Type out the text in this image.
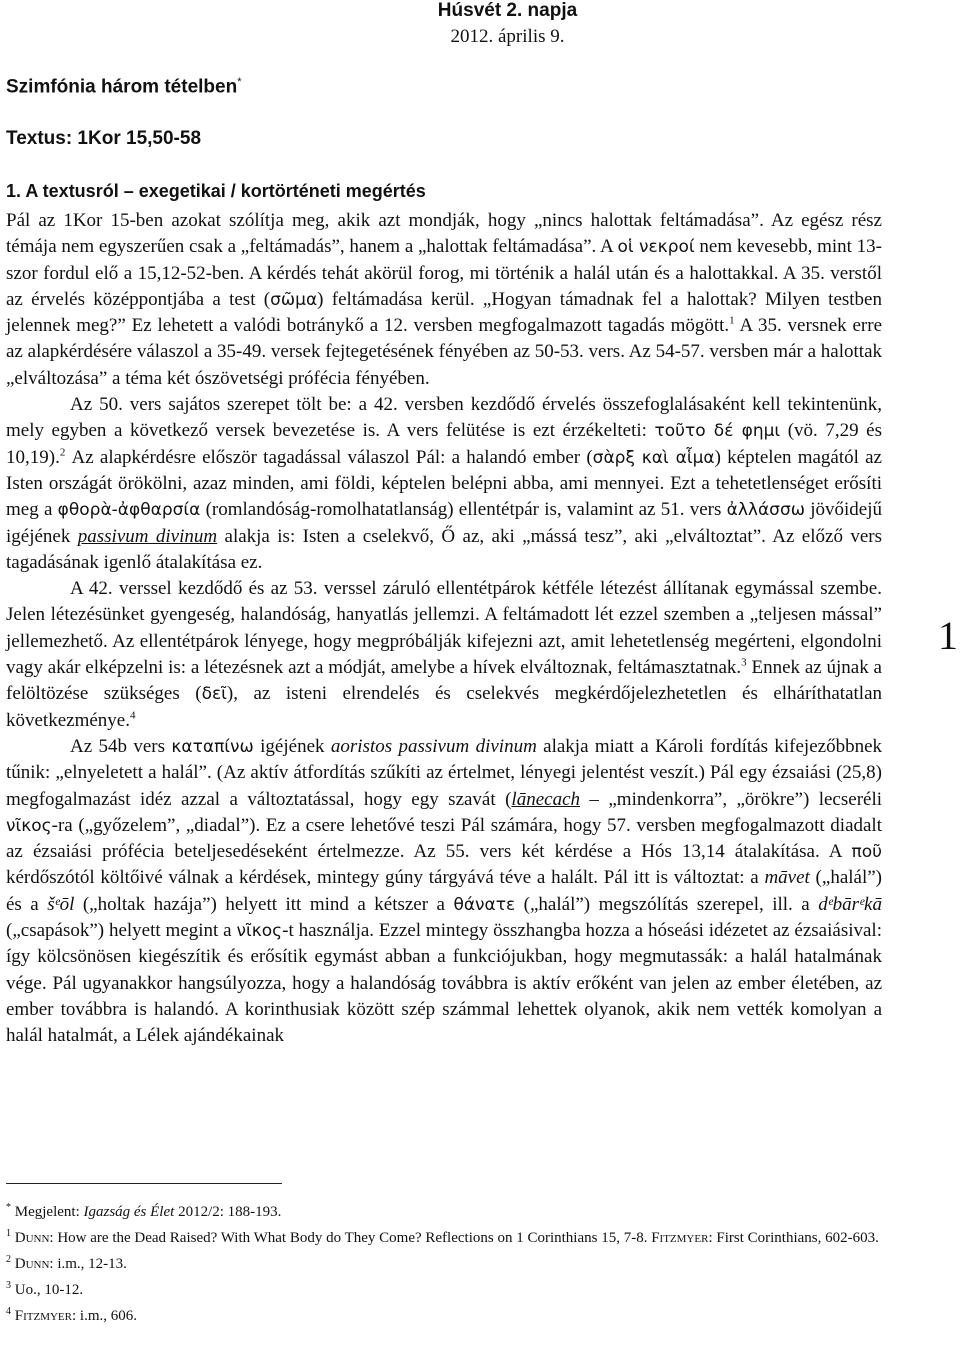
Húsvét 2. napja
2012. április 9.
Szimfónia három tételben*
Textus: 1Kor 15,50-58
1. A textusról – exegetikai / kortörténeti megértés

Pál az 1Kor 15-ben azokat szólítja meg, akik azt mondják, hogy „nincs halottak feltámadása”. Az egész rész témája nem egyszerűen csak a „feltámadás”, hanem a „halottak feltámadása”. A οἱ νεκροί nem kevesebb, mint 13-szor fordul elő a 15,12-52-ben. A kérdés tehát akörül forog, mi történik a halál után és a halottakkal. A 35. verstől az érvelés középpontjába a test (σῶμα) feltámadása kerül. „Hogyan támadnak fel a halottak? Milyen testben jelennek meg?” Ez lehetett a valódi botránykő a 12. versben megfogalmazott tagadás mögött.$^1$ A 35. versnek erre az alapkérdésére válaszol a 35-49. versek fejtegetésének fényében az 50-53. vers. Az 54-57. versben már a halottak „elváltozása” a téma két ószövetségi prófécia fényében.

Az 50. vers sajátos szerepet tölt be: a 42. versben kezdődő érvelés összefoglalásaként kell tekintenünk, mely egyben a következő versek bevezetése is. A vers felütése is ezt érzékelteti: τοῦτο δέ φημι (vö. 7,29 és 10,19).$^2$ Az alapkérdésre először tagadással válaszol Pál: a halandó ember (σὰρξ καὶ αἷμα) képtelen magától az Isten országát örökölni, azaz minden, ami földi, képtelen belépni abba, ami mennyei. Ezt a tehetetlenséget erősíti meg a φθορὰ-ἀφθαρσία (romlandóság-romolhatatlanság) ellentétpár is, valamint az 51. vers ἀλλάσσω jövőidejű igéjének passivum divinum alakja is: Isten a cselekvő, Ő az, aki „mássá tesz”, aki „elváltoztat”. Az előző vers tagadásának igenlő átalakítása ez.

A 42. verssel kezdődő és az 53. verssel záruló ellentétpárok kétféle létezést állítanak egymással szembe. Jelen létezésünket gyengeség, halandóság, hanyatlás jellemzi. A feltámadott lét ezzel szemben a „teljesen mással” jellemezhető. Az ellentétpárok lényege, hogy megpróbálják kifejezni azt, amit lehetetlenség megérteni, elgondolni vagy akár elképzelni is: a létezésnek azt a módját, amelybe a hívek elváltoznak, feltámasztatnak.$^3$ Ennek az újnak a felöltözése szükséges (δεῖ), az isteni elrendelés és cselekvés megkérdőjelezhetetlen és elháríthatatlan következménye.$^4$

Az 54b vers καταπίνω igéjének aoristos passivum divinum alakja miatt a Károli fordítás kifejezőbbnek tűnik: „elnyeletett a halál”. (Az aktív átfordítás szűkíti az értelmet, lényegi jelentést veszít.) Pál egy ézsaiási (25,8) megfogalmazást idéz azzal a változtatással, hogy egy szavát (lānecach – „mindenkorra”, „örökre”) lecseréli νῖκος-ra („győzelem”, „diadal”). Ez a cserе lehetővé teszi Pál számára, hogy 57. versben megfogalmazott diadalt az ézsaiási prófécia beteljesedéseként értelmezze. Az 55. vers két kérdése a Hós 13,14 átalakítása. A ποῦ kérdőszótól költőivé válnak a kérdések, mintegy gúny tárgyává téve a halált. Pál itt is változtat: a māvet („halál”) és a šᵉōl („holtak hazája”) helyett itt mind a kétszer a θάνατε („halál”) megszólítás szerepel, ill. a dᵉbārᵉkā („csapások”) helyett megint a νῖκος-t használja. Ezzel mintegy összhangba hozza a hóseási idézetet az ézsaiásival: így kölcsönösen kiegészítik és erősítik egymást abban a funkciójukban, hogy megmutassák: a halál hatalmának vége. Pál ugyanakkor hangsúlyozza, hogy a halandóság továbbra is aktív erőként van jelen az ember életében, az ember továbbra is halandó. A korinthusiak között szép számmal lehettek olyanok, akik nem vették komolyan a halál hatalmát, a Lélek ajándékainak

1
* Megjelent: Igazság és Élet 2012/2: 188-193.
$^1$ Dunn: How are the Dead Raised? With What Body do They Come? Reflections on 1 Corinthians 15, 7-8. Fitzmyer: First Corinthians, 602-603.
$^2$ Dunn: i.m., 12-13.
$^3$ Uo., 10-12.
$^4$ Fitzmyer: i.m., 606.
